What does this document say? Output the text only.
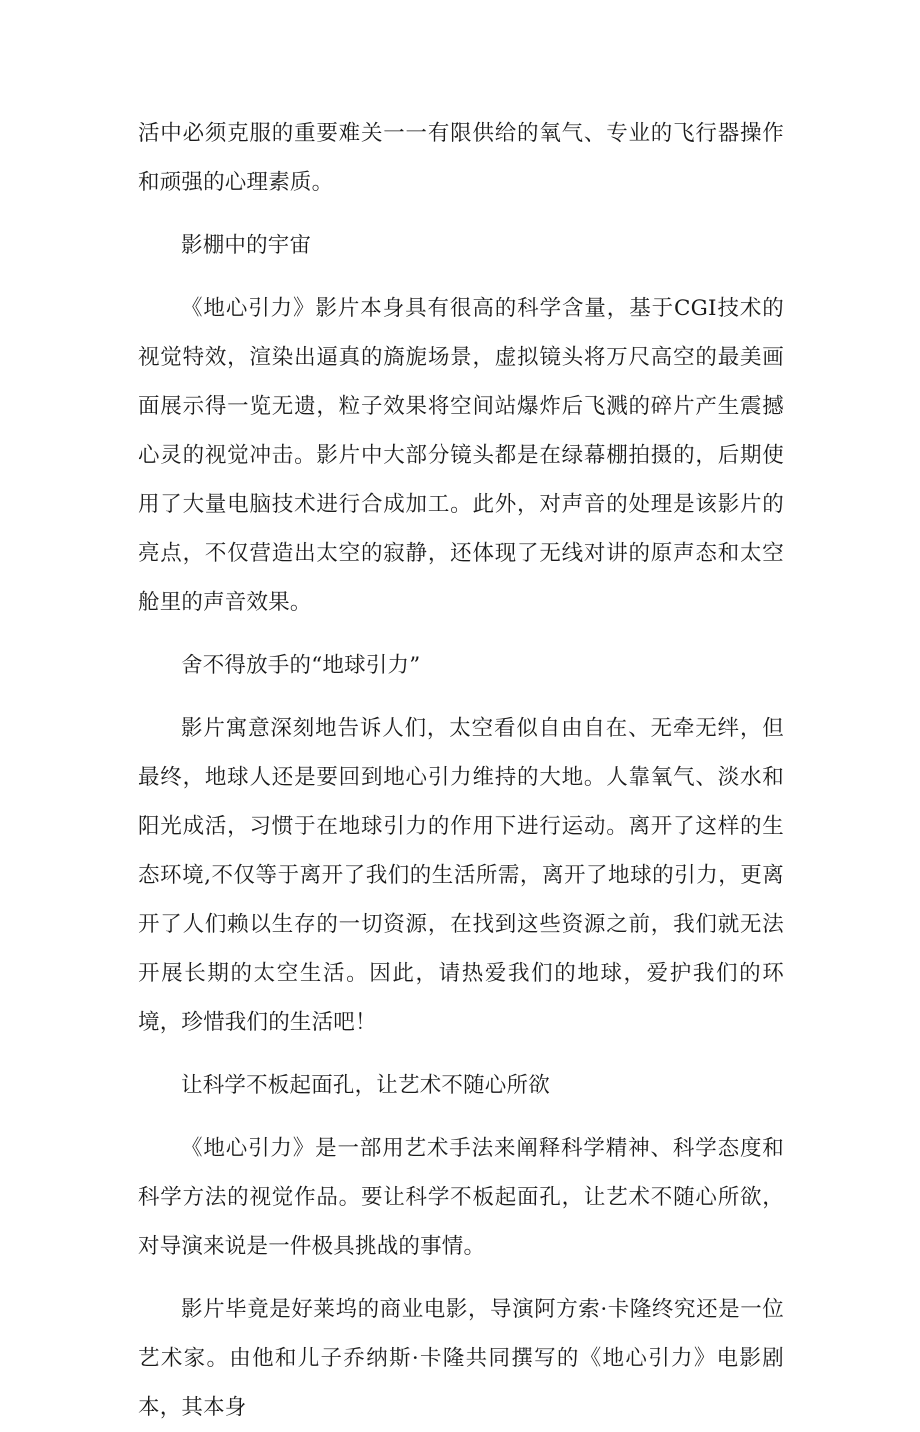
活中必须克服的重要难关一一有限供给的氧气、专业的飞行器操作和顽强的心理素质。

影棚中的宇宙

《地心引力》影片本身具有很高的科学含量，基于CGI技术的视觉特效，渲染出逼真的旖旎场景，虚拟镜头将万尺高空的最美画面展示得一览无遗，粒子效果将空间站爆炸后飞溅的碎片产生震撼心灵的视觉冲击。影片中大部分镜头都是在绿幕棚拍摄的，后期使用了大量电脑技术进行合成加工。此外，对声音的处理是该影片的亮点，不仅营造出太空的寂静，还体现了无线对讲的原声态和太空舱里的声音效果。

舍不得放手的“地球引力”

影片寓意深刻地告诉人们，太空看似自由自在、无牵无绊，但最终，地球人还是要回到地心引力维持的大地。人靠氧气、淡水和阳光成活，习惯于在地球引力的作用下进行运动。离开了这样的生态环境,不仅等于离开了我们的生活所需，离开了地球的引力，更离开了人们赖以生存的一切资源，在找到这些资源之前，我们就无法开展长期的太空生活。因此，请热爱我们的地球，爱护我们的环境，珍惜我们的生活吧！

让科学不板起面孔，让艺术不随心所欲

《地心引力》是一部用艺术手法来阐释科学精神、科学态度和科学方法的视觉作品。要让科学不板起面孔，让艺术不随心所欲，对导演来说是一件极具挑战的事情。

影片毕竟是好莱坞的商业电影，导演阿方索·卡隆终究还是一位艺术家。由他和儿子乔纳斯·卡隆共同撰写的《地心引力》电影剧本，其本身
